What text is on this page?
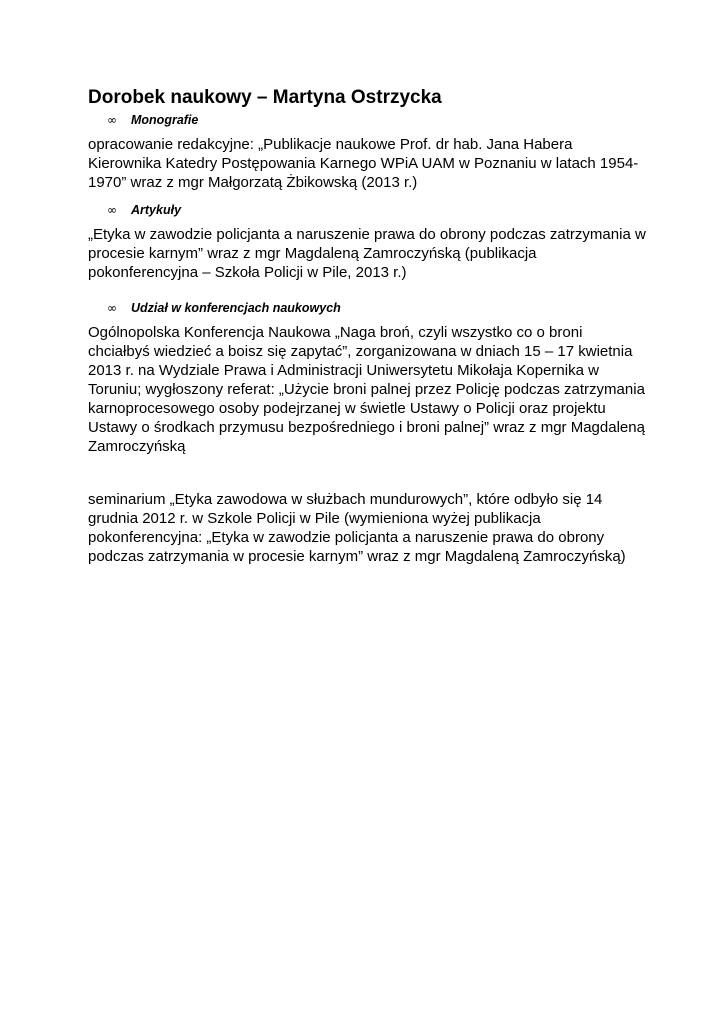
Dorobek naukowy – Martyna Ostrzycka
∞	Monografie

opracowanie redakcyjne: „Publikacje naukowe Prof. dr hab. Jana Habera Kierownika Katedry Postępowania Karnego WPiA UAM w Poznaniu w latach 1954-1970” wraz z mgr Małgorzatą Żbikowską (2013 r.)

∞	Artykuły

„Etyka w zawodzie policjanta a naruszenie prawa do obrony podczas zatrzymania w procesie karnym” wraz z mgr Magdaleną Zamroczyńską (publikacja pokonferencyjna – Szkoła Policji w Pile, 2013 r.)

∞	Udział w konferencjach naukowych

Ogólnopolska Konferencja Naukowa „Naga broń, czyli wszystko co o broni chciałbyś wiedzieć a boisz się zapytać”, zorganizowana w dniach 15 – 17 kwietnia 2013 r. na Wydziale Prawa i Administracji Uniwersytetu Mikołaja Kopernika w Toruniu; wygłoszony referat: „Użycie broni palnej przez Policję podczas zatrzymania karnoprocesowego osoby podejrzanej w świetle Ustawy o Policji oraz projektu Ustawy o środkach przymusu bezpośredniego i broni palnej” wraz z mgr Magdaleną Zamroczyńską

seminarium „Etyka zawodowa w służbach mundurowych”, które odbyło się 14 grudnia 2012 r. w Szkole Policji w Pile (wymieniona wyżej publikacja pokonferencyjna: „Etyka w zawodzie policjanta a naruszenie prawa do obrony podczas zatrzymania w procesie karnym” wraz z mgr Magdaleną Zamroczyńską)
